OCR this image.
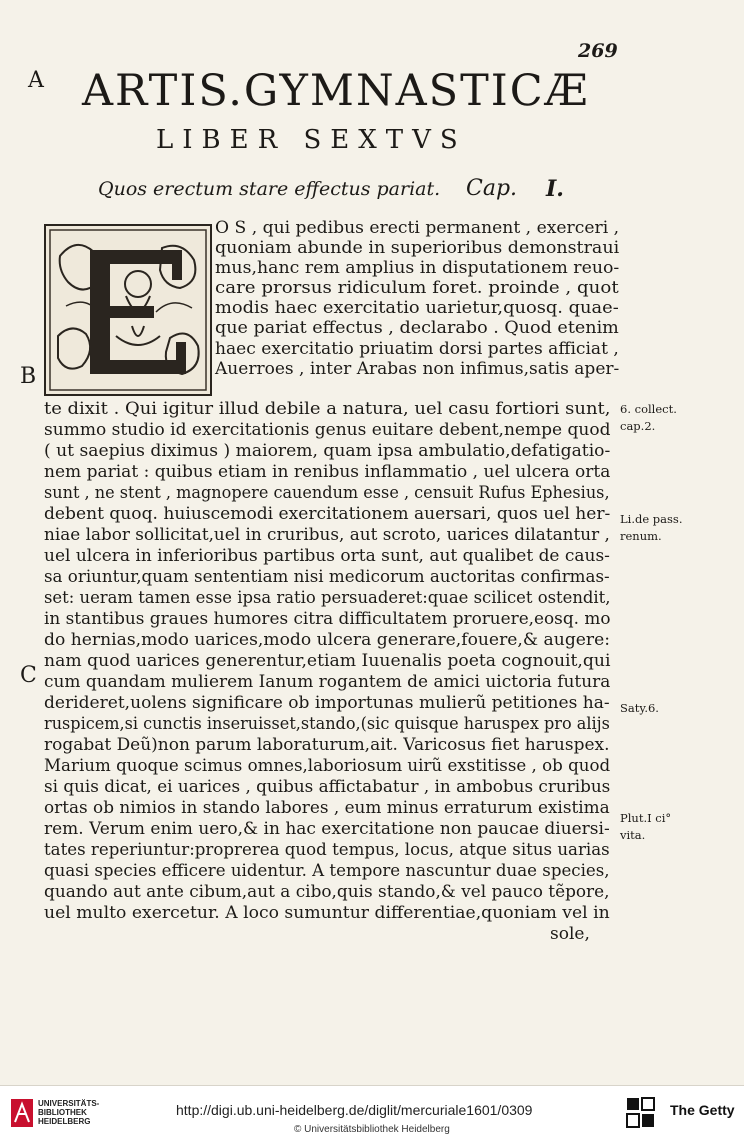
269
A
B
C
ARTIS.GYMNASTICÆ
LIBER SEXTVS
Quos erectum stare effectus pariat. Cap. I.
O S , qui pedibus erecti permanent , exerceri ,
quoniam abunde in superioribus demonstraui
mus,hanc rem amplius in disputationem reuo-
care prorsus ridiculum foret. proinde , quot
modis haec exercitatio uarietur,quosq. quae-
que pariat effectus , declarabo . Quod etenim
haec exercitatio priuatim dorsi partes afficiat ,
Auerroes , inter Arabas non infimus,satis aper-
te dixit . Qui igitur illud debile a natura, uel casu fortiori sunt,
summo studio id exercitationis genus euitare debent,nempe quod
( ut saepius diximus ) maiorem, quam ipsa ambulatio,defatigatio-
nem pariat : quibus etiam in renibus inflammatio , uel ulcera orta
sunt , ne stent , magnopere cauendum esse , censuit Rufus Ephesius,
debent quoq. huiuscemodi exercitationem auersari, quos uel her-
niae labor sollicitat,uel in cruribus, aut scroto, uarices dilatantur ,
uel ulcera in inferioribus partibus orta sunt, aut qualibet de caus-
sa oriuntur,quam sententiam nisi medicorum auctoritas confirmas-
set: ueram tamen esse ipsa ratio persuaderet:quae scilicet ostendit,
in stantibus graues humores citra difficultatem proruere,eosq. mo
do hernias,modo uarices,modo ulcera generare,fouere,& augere:
nam quod uarices generentur,etiam Iuuenalis poeta cognouit,qui
cum quandam mulierem Ianum rogantem de amici uictoria futura
derideret,uolens significare ob importunas mulierũ petitiones ha-
ruspicem,si cunctis inseruisset,stando,(sic quisque haruspex pro alijs
rogabat Deũ)non parum laboraturum,ait. Varicosus fiet haruspex.
Marium quoque scimus omnes,laboriosum uirũ exstitisse , ob quod
si quis dicat, ei uarices , quibus affictabatur , in ambobus cruribus
ortas ob nimios in stando labores , eum minus erraturum existima
rem. Verum enim uero,& in hac exercitatione non paucae diuersi-
tates reperiuntur:proprerea quod tempus, locus, atque situs uarias
quasi species efficere uidentur. A tempore nascuntur duae species,
quando aut ante cibum,aut a cibo,quis stando,& vel pauco tẽpore,
uel multo exercetur. A loco sumuntur differentiae,quoniam vel in
sole,
6. collect.
cap.2.
Li.de pass.
renum.
Saty.6.
Plut.I ci°
vita.
UNIVERSITÄTS-
BIBLIOTHEK
HEIDELBERG
http://digi.ub.uni-heidelberg.de/diglit/mercuriale1601/0309
© Universitätsbibliothek Heidelberg
The Getty
